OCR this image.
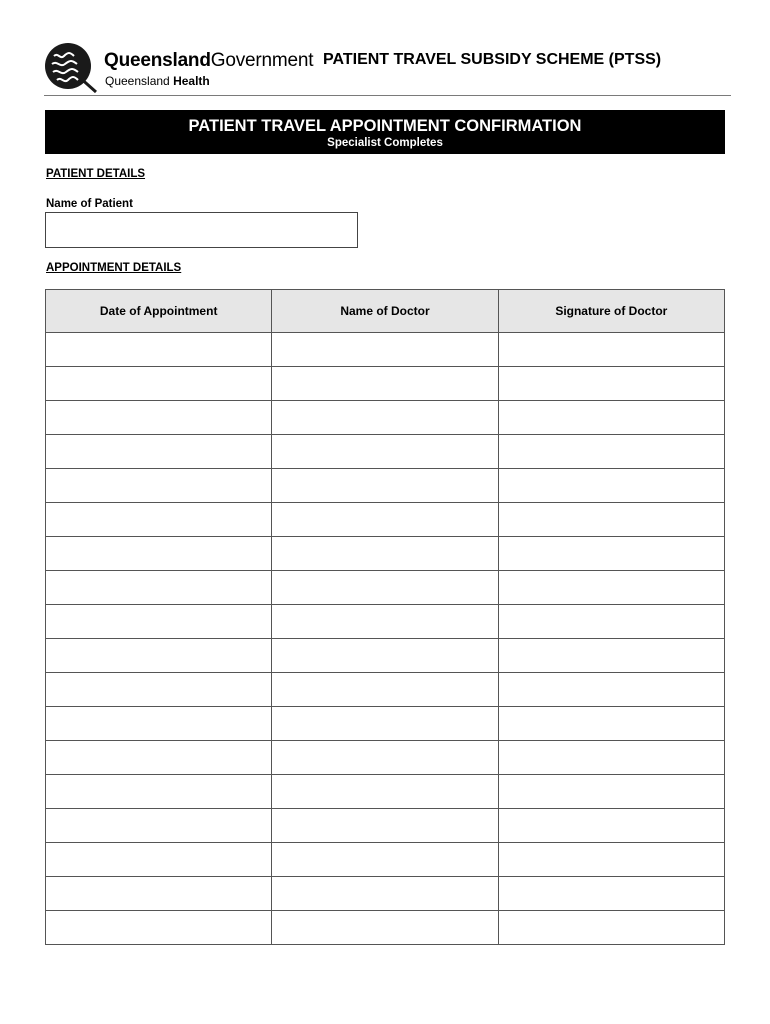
QueenslandGovernment
Queensland Health
PATIENT TRAVEL SUBSIDY SCHEME (PTSS)
PATIENT TRAVEL APPOINTMENT CONFIRMATION
Specialist Completes
PATIENT DETAILS
Name of Patient
APPOINTMENT DETAILS
Date of Appointment	Name of Doctor	Signature of Doctor
